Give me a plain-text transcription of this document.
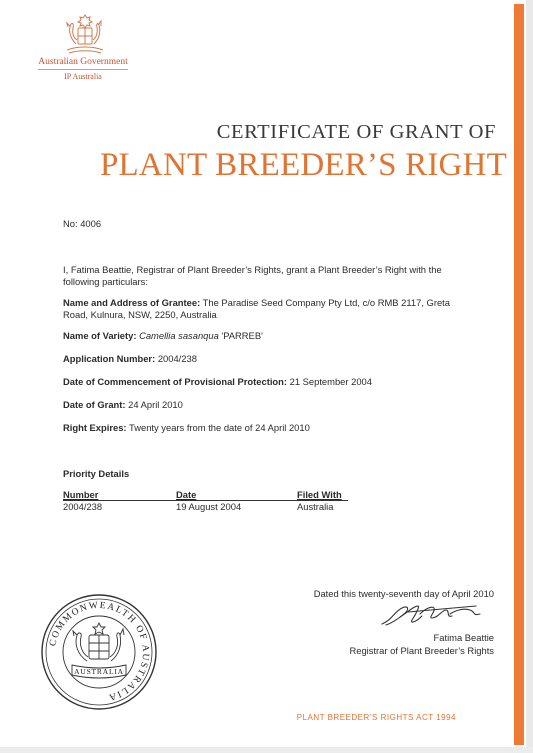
Australian Government
IP Australia
CERTIFICATE OF GRANT OF
PLANT BREEDER’S RIGHT
No: 4006
I, Fatima Beattie, Registrar of Plant Breeder’s Rights, grant a Plant Breeder’s Right with the
following particulars:
Name and Address of Grantee: The Paradise Seed Company Pty Ltd, c/o RMB 2117, Greta
Road, Kulnura, NSW, 2250, Australia
Name of Variety: Camellia sasanqua 'PARREB'
Application Number: 2004/238
Date of Commencement of Provisional Protection: 21 September 2004
Date of Grant: 24 April 2010
Right Expires: Twenty years from the date of 24 April 2010
Priority Details
Number	Date	Filed With
2004/238	19 August 2004	Australia
Dated this twenty-seventh day of April 2010
Fatima Beattie
Registrar of Plant Breeder’s Rights
COMMONWEALTH OF AUSTRALIA
AUSTRALIA
PLANT BREEDER’S RIGHTS ACT 1994
